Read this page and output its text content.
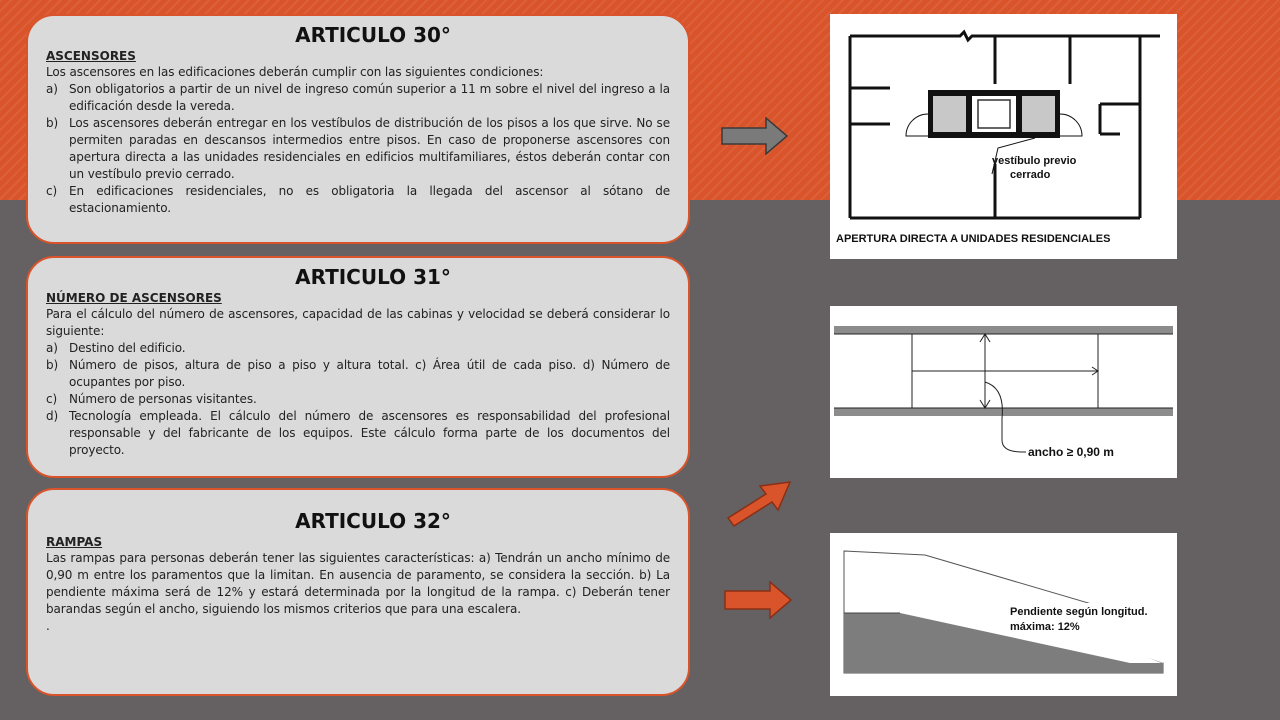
ARTICULO 30°
ASCENSORES

Los ascensores en las edificaciones deberán cumplir con las siguientes condiciones:

a) Son obligatorios a partir de un nivel de ingreso común superior a 11 m sobre el nivel del ingreso a la edificación desde la vereda.
b) Los ascensores deberán entregar en los vestíbulos de distribución de los pisos a los que sirve. No se permiten paradas en descansos intermedios entre pisos. En caso de proponerse ascensores con apertura directa a las unidades residenciales en edificios multifamiliares, éstos deberán contar con un vestíbulo previo cerrado.
c) En edificaciones residenciales, no es obligatoria la llegada del ascensor al sótano de estacionamiento.
ARTICULO 31°
NÚMERO DE ASCENSORES

Para el cálculo del número de ascensores, capacidad de las cabinas y velocidad se deberá considerar lo siguiente:

a) Destino del edificio.
b) Número de pisos, altura de piso a piso y altura total. c) Área útil de cada piso. d) Número de ocupantes por piso.
c) Número de personas visitantes.
d) Tecnología empleada. El cálculo del número de ascensores es responsabilidad del profesional responsable y del fabricante de los equipos. Este cálculo forma parte de los documentos del proyecto.
ARTICULO 32°
RAMPAS

Las rampas para personas deberán tener las siguientes características: a) Tendrán un ancho mínimo de 0,90 m entre los paramentos que la limitan. En ausencia de paramento, se considera la sección. b) La pendiente máxima será de 12% y estará determinada por la longitud de la rampa. c) Deberán tener barandas según el ancho, siguiendo los mismos criterios que para una escalera.

.

vestíbulo previo
cerrado
APERTURA DIRECTA A UNIDADES RESIDENCIALES
ancho ≥ 0,90 m
Pendiente según longitud.
máxima: 12%
